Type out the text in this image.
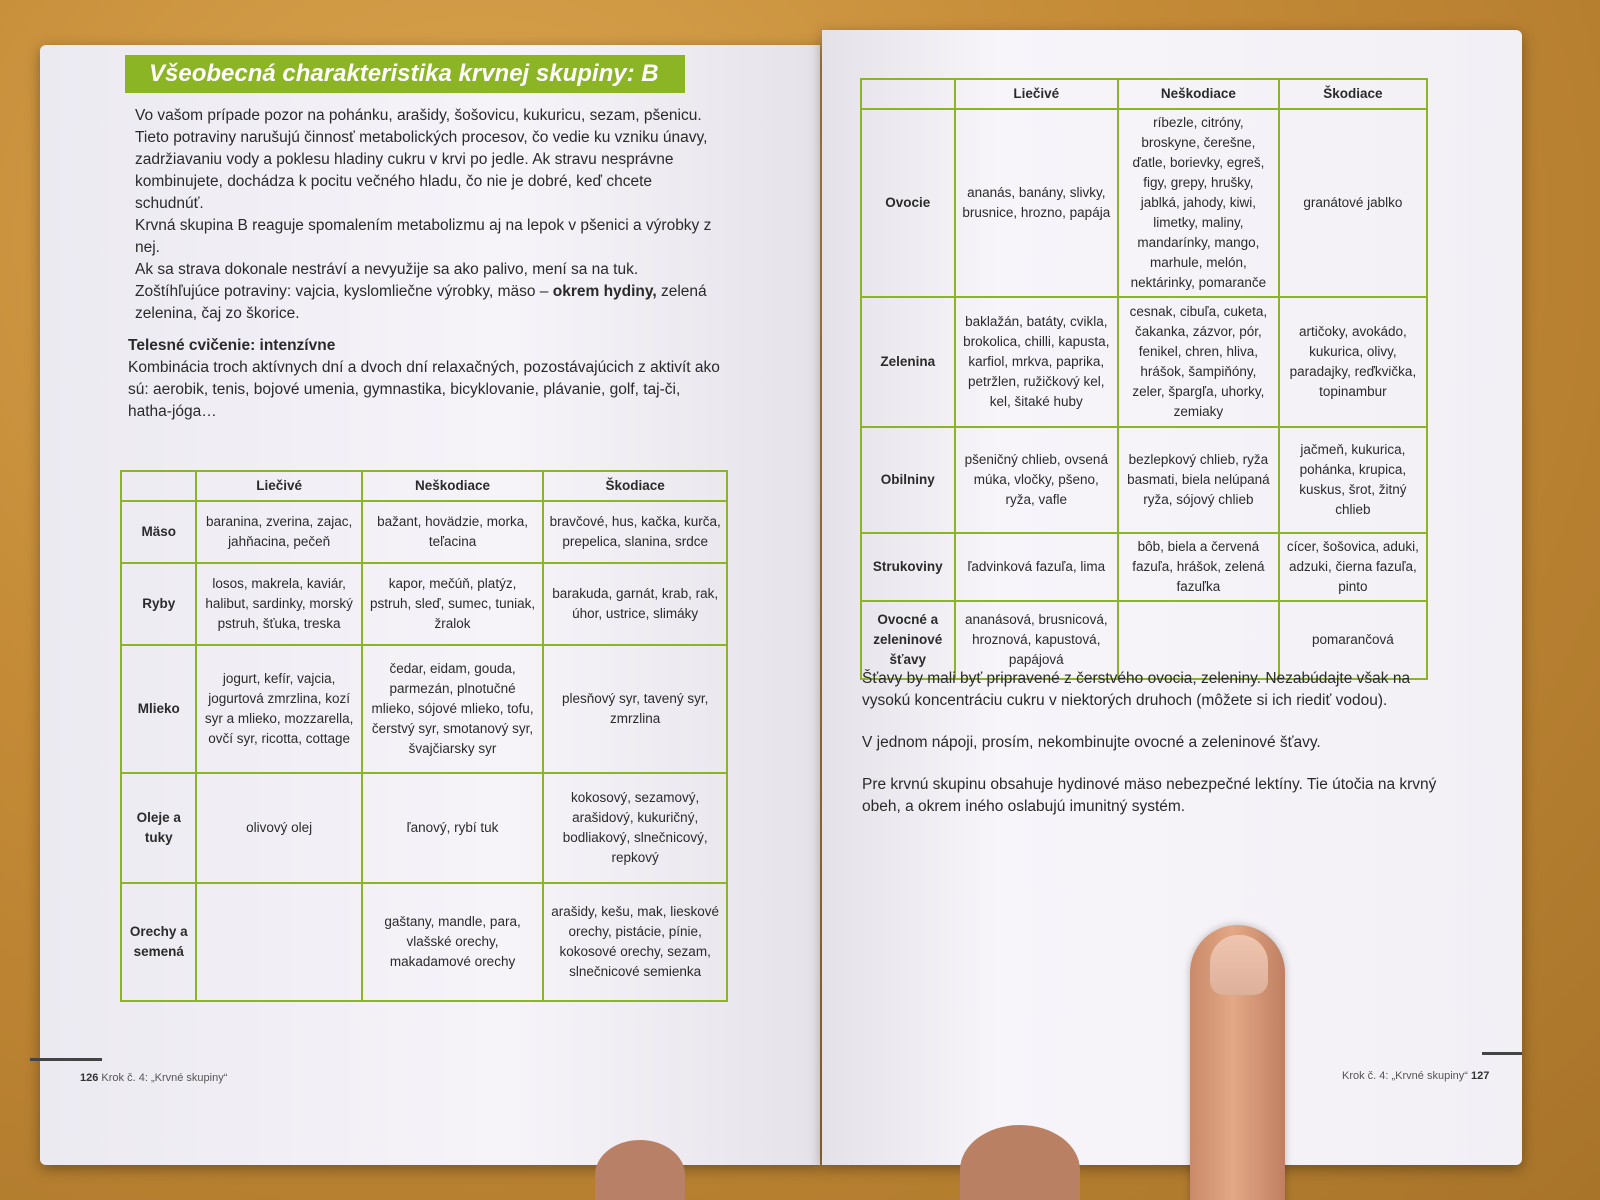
Všeobecná charakteristika krvnej skupiny: B

Vo vašom prípade pozor na pohánku, arašidy, šošovicu, kukuricu, sezam, pšenicu. Tieto potraviny narušujú činnosť metabolických procesov, čo vedie ku vzniku únavy, zadržiavaniu vody a poklesu hladiny cukru v krvi po jedle. Ak stravu nesprávne kombinujete, dochádza k pocitu večného hladu, čo nie je dobré, keď chcete schudnúť.

Krvná skupina B reaguje spomalením metabolizmu aj na lepok v pšenici a výrobky z nej.

Ak sa strava dokonale nestráví a nevyužije sa ako palivo, mení sa na tuk.

Zoštíhľujúce potraviny: vajcia, kyslomliečne výrobky, mäso – okrem hydiny, zelená zelenina, čaj zo škorice.

Telesné cvičenie: intenzívne

Kombinácia troch aktívnych dní a dvoch dní relaxačných, pozostávajúcich z aktivít ako sú: aerobik, tenis, bojové umenia, gymnastika, bicyklovanie, plávanie, golf, taj-či, hatha-jóga…

	Liečivé	Neškodiace	Škodiace
Mäso	baranina, zverina, zajac, jahňacina, pečeň	bažant, hovädzie, morka, teľacina	bravčové, hus, kačka, kurča, prepelica, slanina, srdce
Ryby	losos, makrela, kaviár, halibut, sardinky, morský pstruh, šťuka, treska	kapor, mečúň, platýz, pstruh, sleď, sumec, tuniak, žralok	barakuda, garnát, krab, rak, úhor, ustrice, slimáky
Mlieko	jogurt, kefír, vajcia, jogurtová zmrzlina, kozí syr a mlieko, mozzarella, ovčí syr, ricotta, cottage	čedar, eidam, gouda, parmezán, plnotučné mlieko, sójové mlieko, tofu, čerstvý syr, smotanový syr, švajčiarsky syr	plesňový syr, tavený syr, zmrzlina
Oleje a tuky	olivový olej	ľanový, rybí tuk	kokosový, sezamový, arašidový, kukuričný, bodliakový, slnečnicový, repkový
Orechy a semená		gaštany, mandle, para, vlašské orechy, makadamové orechy	arašidy, kešu, mak, lieskové orechy, pistácie, píniе, kokosové orechy, sezam, slnečnicové semienka
126 Krok č. 4: „Krvné skupiny“
	Liečivé	Neškodiace	Škodiace
Ovocie	ananás, banány, slivky, brusnice, hrozno, papája	ríbezle, citróny, broskyne, čerešne, ďatle, borievky, egreš, figy, grepy, hrušky, jablká, jahody, kiwi, limetky, maliny, mandarínky, mango, marhule, melón, nektárinky, pomaranče	granátové jablko
Zelenina	baklažán, batáty, cvikla, brokolica, chilli, kapusta, karfiol, mrkva, paprika, petržlen, ružičkový kel, kel, šitaké huby	cesnak, cibuľa, cuketa, čakanka, zázvor, pór, fenikel, chren, hliva, hrášok, šampiňóny, zeler, špargľa, uhorky, zemiaky	artičoky, avokádo, kukurica, olivy, paradajky, reďkvička, topinambur
Obilniny	pšeničný chlieb, ovsená múka, vločky, pšeno, ryža, vafle	bezlepkový chlieb, ryža basmati, biela nelúpaná ryža, sójový chlieb	jačmeň, kukurica, pohánka, krupica, kuskus, šrot, žitný chlieb
Strukoviny	ľadvinková fazuľa, lima	bôb, biela a červená fazuľa, hrášok, zelená fazuľka	cícer, šošovica, aduki, adzuki, čierna fazuľa, pinto
Ovocné a zeleninové šťavy	ananásová, brusnicová, hroznová, kapustová, papájová		pomarančová

Šťavy by mali byť pripravené z čerstvého ovocia, zeleniny. Nezabúdajte však na vysokú koncentráciu cukru v niektorých druhoch (môžete si ich riediť vodou).

V jednom nápoji, prosím, nekombinujte ovocné a zeleninové šťavy.

Pre krvnú skupinu obsahuje hydinové mäso nebezpečné lektíny. Tie útočia na krvný obeh, a okrem iného oslabujú imunitný systém.

Krok č. 4: „Krvné skupiny“ 127
